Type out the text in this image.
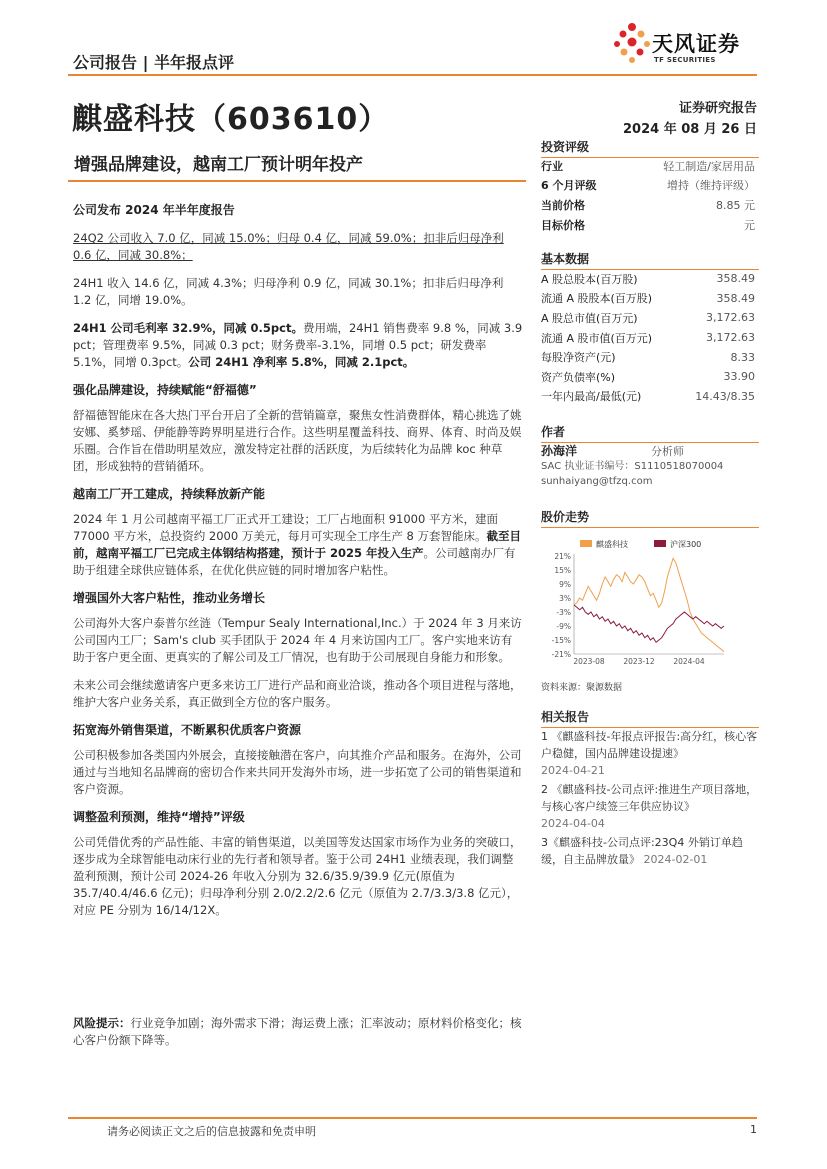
公司报告 | 半年报点评
天风证券
TF SECURITIES
麒盛科技（603610）	证券研究报告
2024 年 08 月 26 日
增强品牌建设，越南工厂预计明年投产

公司发布 2024 年半年度报告

24Q2 公司收入 7.0 亿，同减 15.0%；归母 0.4 亿，同减 59.0%；扣非后归母净利 0.6 亿，同减 30.8%；

24H1 收入 14.6 亿，同减 4.3%；归母净利 0.9 亿，同减 30.1%；扣非后归母净利 1.2 亿，同增 19.0%。

24H1 公司毛利率 32.9%，同减 0.5pct。费用端，24H1 销售费率 9.8 %，同减 3.9 pct；管理费率 9.5%，同减 0.3 pct；财务费率-3.1%，同增 0.5 pct；研发费率 5.1%，同增 0.3pct。公司 24H1 净利率 5.8%，同减 2.1pct。

强化品牌建设，持续赋能“舒福德”

舒福德智能床在各大热门平台开启了全新的营销篇章，聚焦女性消费群体，精心挑选了姚安娜、奚梦瑶、伊能静等跨界明星进行合作。这些明星覆盖科技、商界、体育、时尚及娱乐圈。合作旨在借助明星效应，激发特定社群的活跃度，为后续转化为品牌 koc 种草团，形成独特的营销循环。

越南工厂开工建成，持续释放新产能

2024 年 1 月公司越南平福工厂正式开工建设；工厂占地面积 91000 平方米，建面 77000 平方米，总投资约 2000 万美元，每月可实现全工序生产 8 万套智能床。截至目前，越南平福工厂已完成主体钢结构搭建，预计于 2025 年投入生产。公司越南办厂有助于组建全球供应链体系，在优化供应链的同时增加客户粘性。

增强国外大客户粘性，推动业务增长

公司海外大客户泰普尔丝涟（Tempur Sealy International,Inc.）于 2024 年 3 月来访公司国内工厂；Sam's club 买手团队于 2024 年 4 月来访国内工厂。客户实地来访有助于客户更全面、更真实的了解公司及工厂情况，也有助于公司展现自身能力和形象。

未来公司会继续邀请客户更多来访工厂进行产品和商业洽谈，推动各个项目进程与落地，维护大客户业务关系，真正做到全方位的客户服务。

拓宽海外销售渠道，不断累积优质客户资源

公司积极参加各类国内外展会，直接接触潜在客户，向其推介产品和服务。在海外，公司通过与当地知名品牌商的密切合作来共同开发海外市场，进一步拓宽了公司的销售渠道和客户资源。

调整盈利预测，维持“增持”评级

公司凭借优秀的产品性能、丰富的销售渠道，以美国等发达国家市场作为业务的突破口，逐步成为全球智能电动床行业的先行者和领导者。鉴于公司 24H1 业绩表现，我们调整盈利预测，预计公司 2024-26 年收入分别为 32.6/35.9/39.9 亿元(原值为 35.7/40.4/46.6 亿元)；归母净利分别 2.0/2.2/2.6 亿元（原值为 2.7/3.3/3.8 亿元），对应 PE 分别为 16/14/12X。

风险提示：行业竞争加剧；海外需求下滑；海运费上涨；汇率波动；原材料价格变化；核心客户份额下降等。

投资评级
行业	轻工制造/家居用品
6 个月评级	增持（维持评级）
当前价格	8.85 元
目标价格	元
基本数据
A 股总股本(百万股)	358.49
流通 A 股股本(百万股)	358.49
A 股总市值(百万元)	3,172.63
流通 A 股市值(百万元)	3,172.63
每股净资产(元)	8.33
资产负债率(%)	33.90
一年内最高/最低(元)	14.43/8.35
作者
孙海洋	分析师
SAC 执业证书编号：S1110518070004
sunhaiyang@tfzq.com
股价走势
麒盛科技	沪深300
21%
15%
9%
3%
-3%
-9%
-15%
-21%
2023-08 2023-12 2024-04
资料来源：聚源数据
相关报告
1 《麒盛科技-年报点评报告:高分红，核心客户稳健，国内品牌建设提速》
2024-04-21
2 《麒盛科技-公司点评:推进生产项目落地，与核心客户续签三年供应协议》
2024-04-04
3《麒盛科技-公司点评:23Q4 外销订单趋缓，自主品牌放量》 2024-02-01
请务必阅读正文之后的信息披露和免责申明	1
